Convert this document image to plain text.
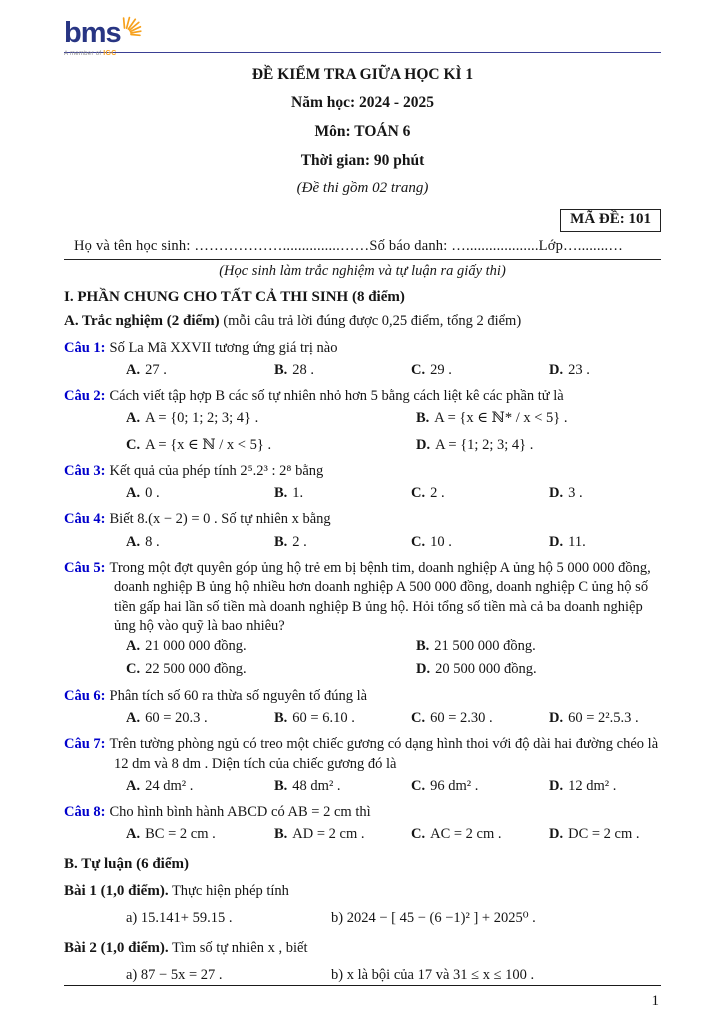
bms
A member of IGC
ĐỀ KIỂM TRA GIỮA HỌC KÌ 1
Năm học: 2024 - 2025
Môn: TOÁN 6
Thời gian: 90 phút
(Đề thi gồm 02 trang)
MÃ ĐỀ: 101
Họ và tên học sinh: ………………...............……Số báo danh: …...................Lớp…........…
(Học sinh làm trắc nghiệm và tự luận ra giấy thi)
I. PHẦN CHUNG CHO TẤT CẢ THI SINH (8 điểm)
A. Trắc nghiệm (2 điểm) (mỗi câu trả lời đúng được 0,25 điểm, tổng 2 điểm)
Câu 1: Số La Mã XXVII tương ứng giá trị nào
A. 27 .	B. 28 .	C. 29 .	D. 23 .
Câu 2: Cách viết tập hợp B các số tự nhiên nhỏ hơn 5 bằng cách liệt kê các phần tử là
A. A = {0; 1; 2; 3; 4} .	B. A = {x ∈ ℕ* / x < 5} .
C. A = {x ∈ ℕ / x < 5} .	D. A = {1; 2; 3; 4} .
Câu 3: Kết quả của phép tính 2⁵.2³ : 2⁸ bằng
A. 0 .	B. 1.	C. 2 .	D. 3 .
Câu 4: Biết 8.(x − 2) = 0 . Số tự nhiên x bằng
A. 8 .	B. 2 .	C. 10 .	D. 11.
Câu 5: Trong một đợt quyên góp ủng hộ trẻ em bị bệnh tim, doanh nghiệp A ủng hộ 5 000 000 đồng, doanh nghiệp B ủng hộ nhiều hơn doanh nghiệp A 500 000 đồng, doanh nghiệp C ủng hộ số tiền gấp hai lần số tiền mà doanh nghiệp B ủng hộ. Hỏi tổng số tiền mà cả ba doanh nghiệp ủng hộ vào quỹ là bao nhiêu?
A. 21 000 000 đồng.	B. 21 500 000 đồng.
C. 22 500 000 đồng.	D. 20 500 000 đồng.
Câu 6: Phân tích số 60 ra thừa số nguyên tố đúng là
A. 60 = 20.3 .	B. 60 = 6.10 .	C. 60 = 2.30 .	D. 60 = 2².5.3 .
Câu 7: Trên tường phòng ngủ có treo một chiếc gương có dạng hình thoi với độ dài hai đường chéo là 12 dm và 8 dm . Diện tích của chiếc gương đó là
A. 24 dm² .	B. 48 dm² .	C. 96 dm² .	D. 12 dm² .
Câu 8: Cho hình bình hành ABCD có AB = 2 cm thì
A. BC = 2 cm .	B. AD = 2 cm .	C. AC = 2 cm .	D. DC = 2 cm .
B. Tự luận (6 điểm)
Bài 1 (1,0 điểm). Thực hiện phép tính
a) 15.141+ 59.15 .	b) 2024 − [ 45 − (6 −1)² ] + 2025⁰ .
Bài 2 (1,0 điểm). Tìm số tự nhiên x , biết
a) 87 − 5x = 27 .	b) x là bội của 17 và 31 ≤ x ≤ 100 .
1
